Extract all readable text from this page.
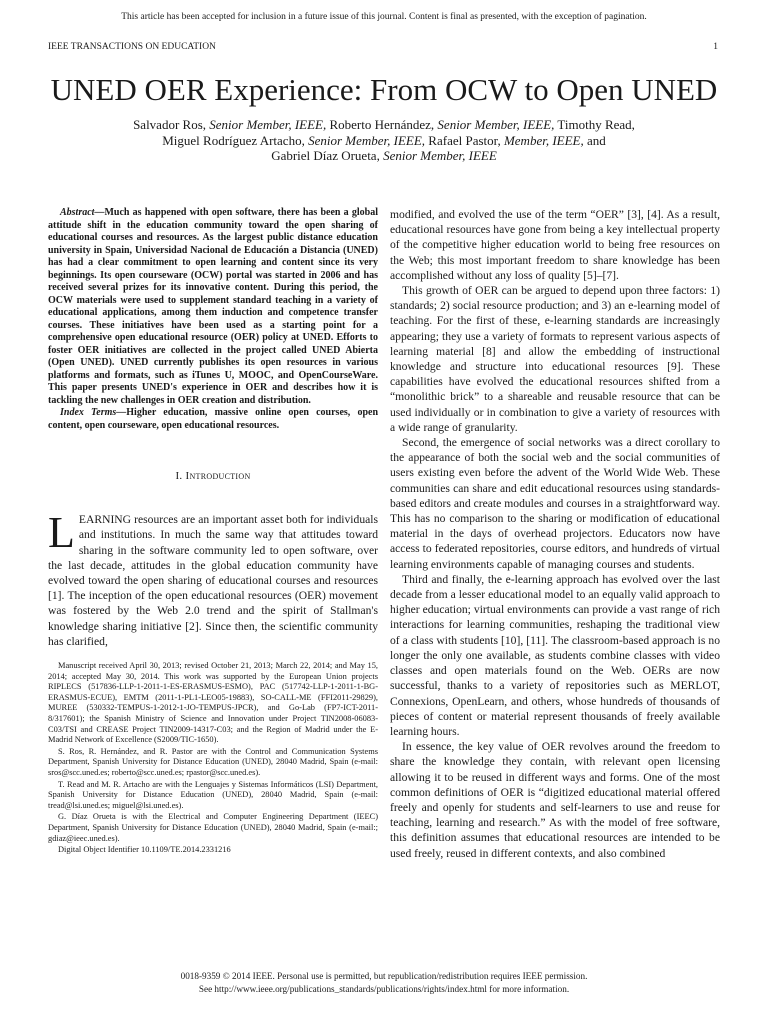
This article has been accepted for inclusion in a future issue of this journal. Content is final as presented, with the exception of pagination.
IEEE TRANSACTIONS ON EDUCATION	1
UNED OER Experience: From OCW to Open UNED
Salvador Ros, Senior Member, IEEE, Roberto Hernández, Senior Member, IEEE, Timothy Read,
Miguel Rodríguez Artacho, Senior Member, IEEE, Rafael Pastor, Member, IEEE, and
Gabriel Díaz Orueta, Senior Member, IEEE

Abstract—Much as happened with open software, there has been a global attitude shift in the education community toward the open sharing of educational courses and resources. As the largest public distance education university in Spain, Universidad Nacional de Educación a Distancia (UNED) has had a clear commitment to open learning and content since its very beginnings. Its open courseware (OCW) portal was started in 2006 and has received several prizes for its innovative content. During this period, the OCW materials were used to supplement standard teaching in a variety of educational applications, among them induction and competence transfer courses. These initiatives have been used as a starting point for a comprehensive open educational resource (OER) policy at UNED. Efforts to foster OER initiatives are collected in the project called UNED Abierta (Open UNED). UNED currently publishes its open resources in various platforms and formats, such as iTunes U, MOOC, and OpenCourseWare. This paper presents UNED's experience in OER and describes how it is tackling the new challenges in OER creation and distribution.

Index Terms—Higher education, massive online open courses, open content, open courseware, open educational resources.

I. Introduction

LEARNING resources are an important asset both for individuals and institutions. In much the same way that attitudes toward sharing in the software community led to open software, over the last decade, attitudes in the global education community have evolved toward the open sharing of educational courses and resources [1]. The inception of the open educational resources (OER) movement was fostered by the Web 2.0 trend and the spirit of Stallman's knowledge sharing initiative [2]. Since then, the scientific community has clarified,

Manuscript received April 30, 2013; revised October 21, 2013; March 22, 2014; and May 15, 2014; accepted May 30, 2014. This work was supported by the European Union projects RIPLECS (517836-LLP-1-2011-1-ES-ERASMUS-ESMO), PAC (517742-LLP-1-2011-1-BG-ERASMUS-ECUE), EMTM (2011-1-PL1-LEO05-19883), SO-CALL-ME (FFI2011-29829), MUREE (530332-TEMPUS-1-2012-1-JO-TEMPUS-JPCR), and Go-Lab (FP7-ICT-2011-8/317601); the Spanish Ministry of Science and Innovation under Project TIN2008-06083-C03/TSI and CREASE Project TIN2009-14317-C03; and the Region of Madrid under the E-Madrid Network of Excellence (S2009/TIC-1650).

S. Ros, R. Hernández, and R. Pastor are with the Control and Communication Systems Department, Spanish University for Distance Education (UNED), 28040 Madrid, Spain (e-mail: sros@scc.uned.es; roberto@scc.uned.es; rpastor@scc.uned.es).

T. Read and M. R. Artacho are with the Lenguajes y Sistemas Informáticos (LSI) Department, Spanish University for Distance Education (UNED), 28040 Madrid, Spain (e-mail: tread@lsi.uned.es; miguel@lsi.uned.es).

G. Díaz Orueta is with the Electrical and Computer Engineering Department (IEEC) Department, Spanish University for Distance Education (UNED), 28040 Madrid, Spain (e-mail:; gdiaz@ieec.uned.es).

Digital Object Identifier 10.1109/TE.2014.2331216

modified, and evolved the use of the term “OER” [3], [4]. As a result, educational resources have gone from being a key intellectual property of the competitive higher education world to being free resources on the Web; this most important freedom to share knowledge has been accomplished without any loss of quality [5]–[7].

This growth of OER can be argued to depend upon three factors: 1) standards; 2) social resource production; and 3) an e-learning model of teaching. For the first of these, e-learning standards are increasingly appearing; they use a variety of formats to represent various aspects of learning material [8] and allow the embedding of instructional knowledge and structure into educational resources [9]. These capabilities have evolved the educational resources shifted from a “monolithic brick” to a shareable and reusable resource that can be used individually or in combination to give a variety of resources with a wide range of granularity.

Second, the emergence of social networks was a direct corollary to the appearance of both the social web and the social communities of users existing even before the advent of the World Wide Web. These communities can share and edit educational resources using standards-based editors and create modules and courses in a straightforward way. This has no comparison to the sharing or modification of educational material in the days of overhead projectors. Educators now have access to federated repositories, course editors, and hundreds of virtual learning environments capable of managing courses and students.

Third and finally, the e-learning approach has evolved over the last decade from a lesser educational model to an equally valid approach to higher education; virtual environments can provide a vast range of rich interactions for learning communities, reshaping the traditional view of a class with students [10], [11]. The classroom-based approach is no longer the only one available, as students combine classes with video classes and open materials found on the Web. OERs are now successful, thanks to a variety of repositories such as MERLOT, Connexions, OpenLearn, and others, whose hundreds of thousands of pieces of content or material represent thousands of freely available learning hours.

In essence, the key value of OER revolves around the freedom to share the knowledge they contain, with relevant open licensing allowing it to be reused in different ways and forms. One of the most common definitions of OER is “digitized educational material offered freely and openly for students and self-learners to use and reuse for teaching, learning and research.” As with the model of free software, this definition assumes that educational resources are intended to be used freely, reused in different contexts, and also combined

0018-9359 © 2014 IEEE. Personal use is permitted, but republication/redistribution requires IEEE permission.
See http://www.ieee.org/publications_standards/publications/rights/index.html for more information.
